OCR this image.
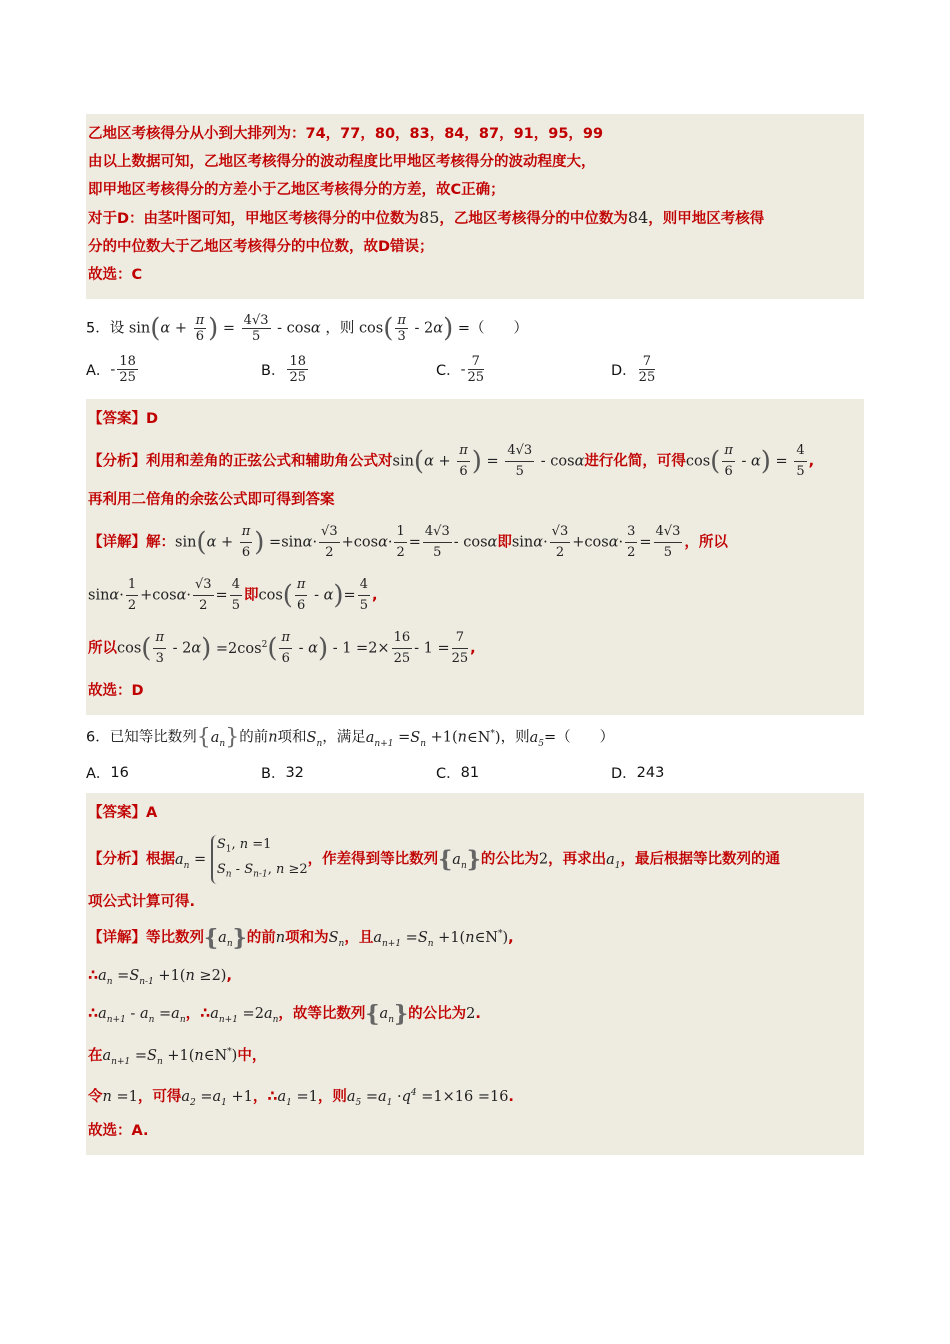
乙地区考核得分从小到大排列为：74，77，80，83，84，87，91，95，99
由以上数据可知，乙地区考核得分的波动程度比甲地区考核得分的波动程度大，
即甲地区考核得分的方差小于乙地区考核得分的方差，故C正确；
对于D：由茎叶图可知，甲地区考核得分的中位数为85，乙地区考核得分的中位数为84，则甲地区考核得
分的中位数大于乙地区考核得分的中位数，故D错误；
故选：C
5．设 $\sin(\alpha + \frac{\pi}{6}$ ) = $\frac{4√3}{5}$ - cosα ，则 $\cos( \frac{\pi}{3} - 2\alpha)$ =（　　）
A． - $\frac{18}{25}$	B． $\frac{18}{25}$	C． - $\frac{7}{25}$	D． $\frac{7}{25}$
【答案】D
【分析】利用和差角的正弦公式和辅助角公式对$\sin(\alpha + \frac{\pi}{6}$ ) = $\frac{4√3}{5}$ - cosα进行化简，可得$\cos( \frac{\pi}{6} - \alpha) = \frac{4}{5}$ ,
再利用二倍角的余弦公式即可得到答案
【详解】解：$\sin(\alpha + \frac{\pi}{6}$ ) $=\sin\alpha\cdot \frac{√3}{2} +\cos\alpha\cdot \frac{1}{2} = \frac{4√3}{5} - \cos\alpha$即$\sin\alpha\cdot \frac{√3}{2} +\cos\alpha\cdot \frac{3}{2} = \frac{4√3}{5}$ ，所以
$\sin\alpha\cdot \frac{1}{2} +\cos\alpha\cdot \frac{√3}{2} = \frac{4}{5}$ 即$\cos( \frac{\pi}{6} - \alpha)= \frac{4}{5}$ ,
所以$\cos( \frac{\pi}{3} - 2\alpha) =2\cos^2( \frac{\pi}{6} - \alpha) - 1 =2\times \frac{16}{25} - 1 = \frac{7}{25}$ ,
故选：D
6．已知等比数列$\{a_n\}$的前n项和$S_n$，满足$a_{n+1} =S_n$ +1(n∈N*)，则$a_5=$（　　）
A． 16	B． 32	C． 81	D． 243
【答案】A
【分析】根据$a_n$ =
$S_1$, n =1
$S_n - S_{n-1}$, n ≥2
，作差得到等比数列$\{a_n\}$的公比为2，再求出$a_1$，最后根据等比数列的通
项公式计算可得.
【详解】等比数列$\{a_n\}$的前n项和为$S_n$，且$a_{n+1} =S_n$ +1(n∈N*),
$\therefore a_n =S_{n-1} +1(n \ge 2)$,
$\therefore a_{n+1} - a_n =a_n$，$\therefore a_{n+1} =2a_n$，故等比数列$\{a_n\}$的公比为2.
在$a_{n+1} =S_n$ +1(n∈N*)中，
令n =1，可得$a_2 =a_1 +1$，$\therefore a_1 =1$，则$a_5 =a_1 \cdot q^4 =1\times 16 =16$.
故选：A.
